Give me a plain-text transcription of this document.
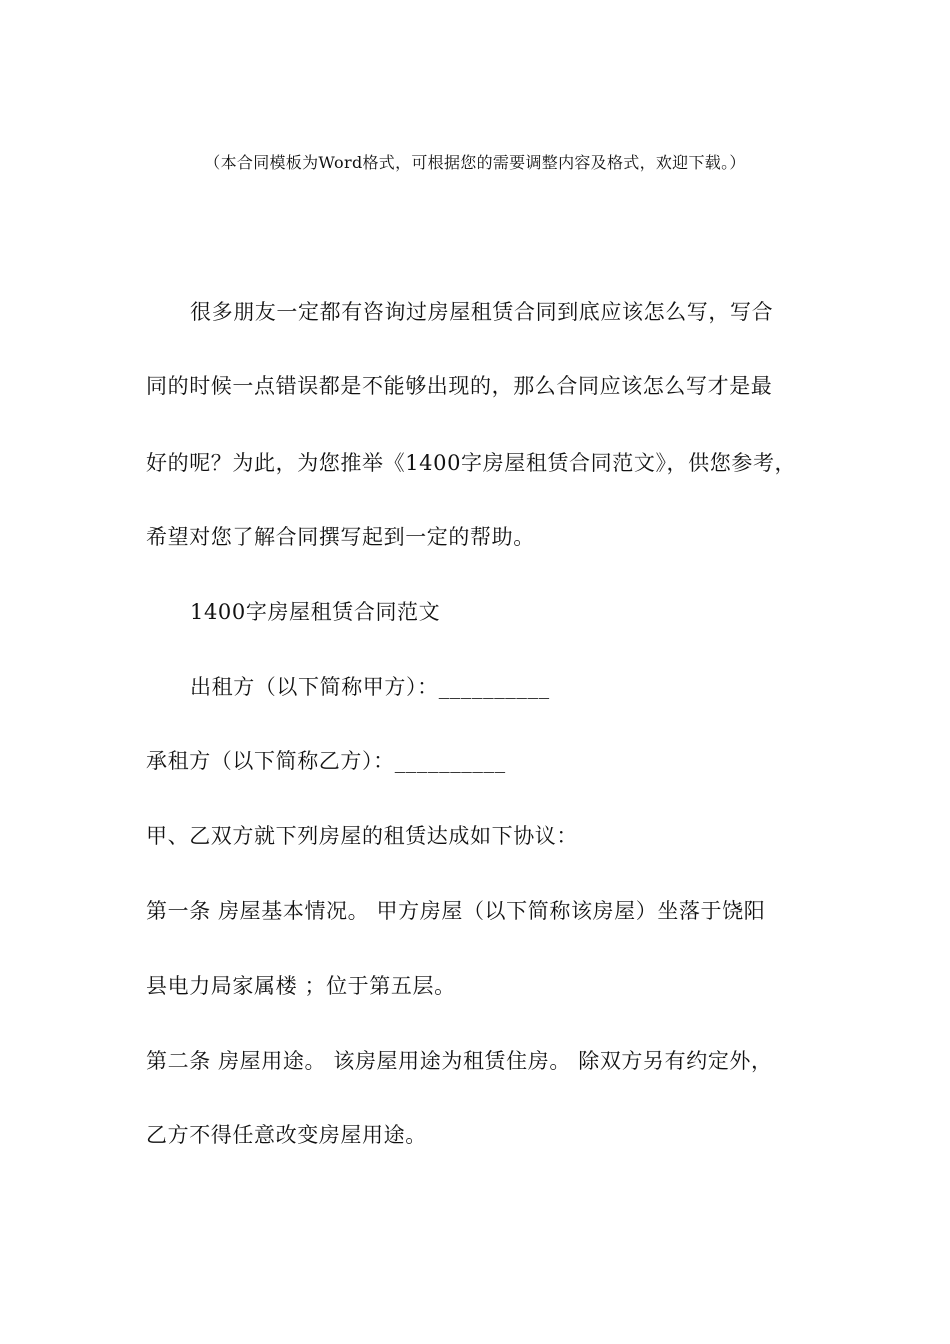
（本合同模板为Word格式，可根据您的需要调整内容及格式，欢迎下载。）
很多朋友一定都有咨询过房屋租赁合同到底应该怎么写，写合
同的时候一点错误都是不能够出现的，那么合同应该怎么写才是最
好的呢？为此，为您推举《1400字房屋租赁合同范文》，供您参考，
希望对您了解合同撰写起到一定的帮助。
1400字房屋租赁合同范文
出租方（以下简称甲方）：__________
承租方（以下简称乙方）：__________
甲、乙双方就下列房屋的租赁达成如下协议：
第一条 房屋基本情况。 甲方房屋（以下简称该房屋）坐落于饶阳
县电力局家属楼 ；位于第五层。
第二条 房屋用途。 该房屋用途为租赁住房。 除双方另有约定外，
乙方不得任意改变房屋用途。
